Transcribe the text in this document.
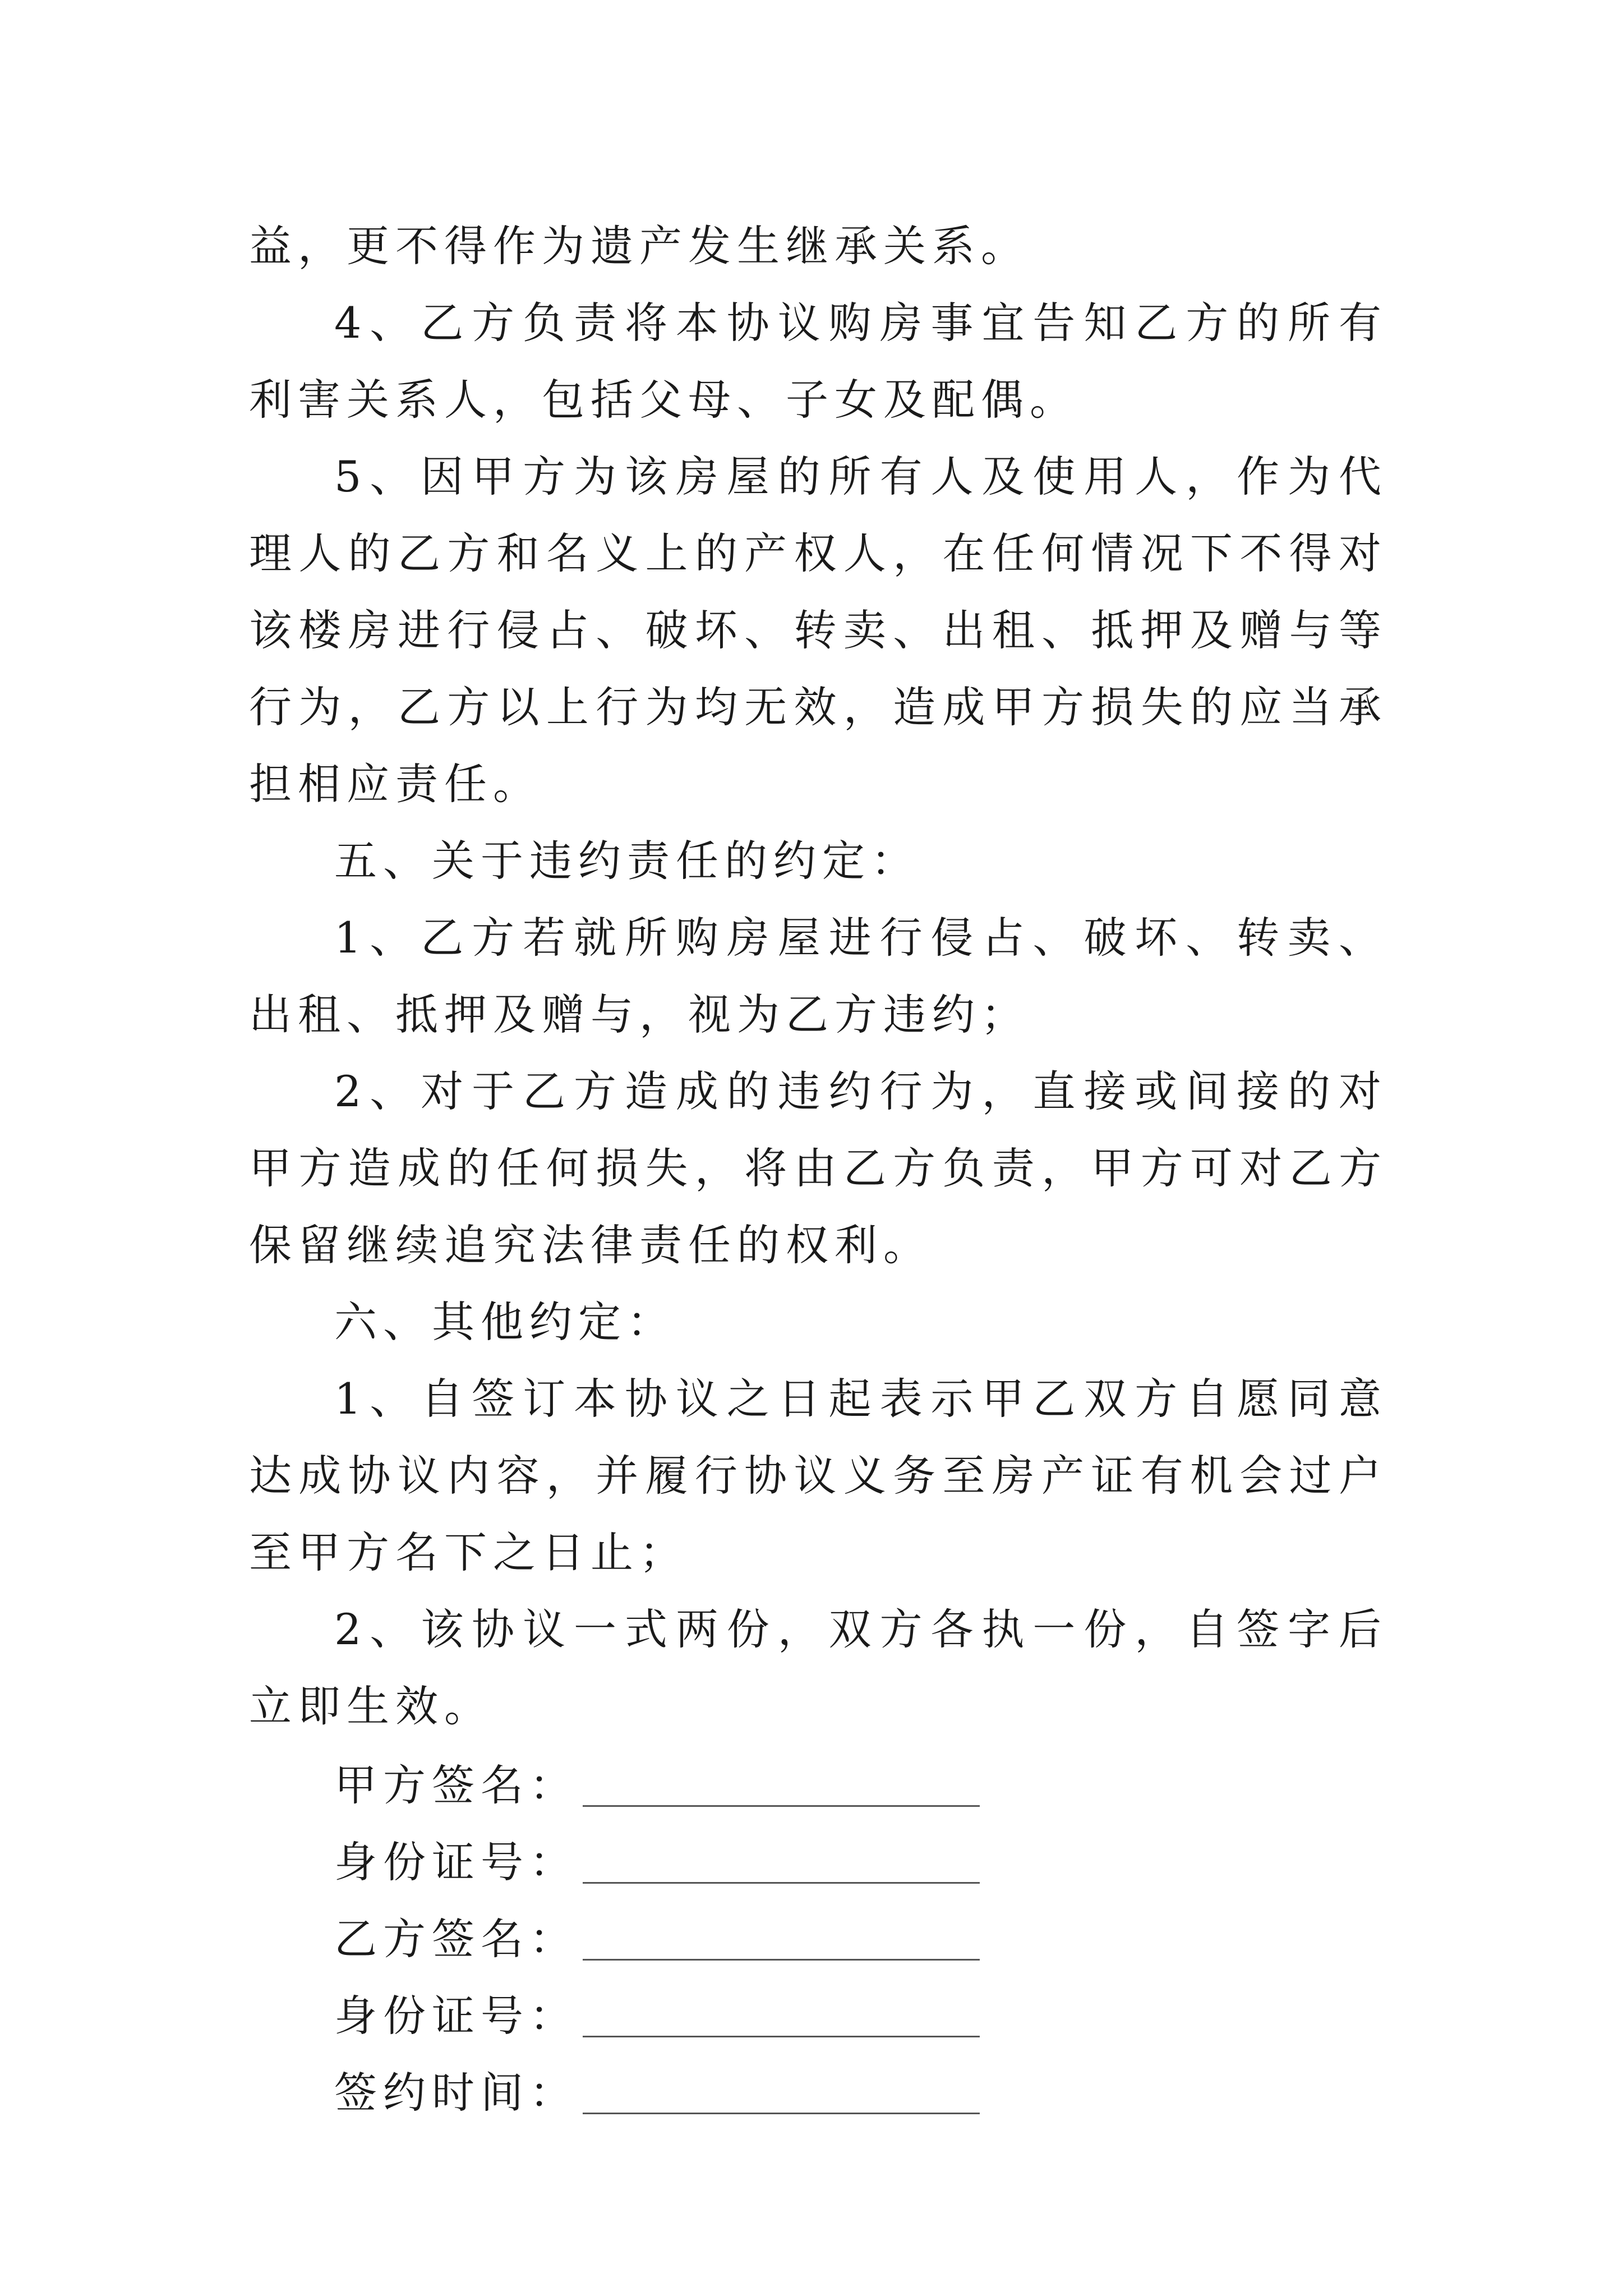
益，更不得作为遗产发生继承关系。

4、乙方负责将本协议购房事宜告知乙方的所有利害关系人，包括父母、子女及配偶。

5、因甲方为该房屋的所有人及使用人，作为代理人的乙方和名义上的产权人，在任何情况下不得对该楼房进行侵占、破坏、转卖、出租、抵押及赠与等行为，乙方以上行为均无效，造成甲方损失的应当承担相应责任。

五、关于违约责任的约定：

1、乙方若就所购房屋进行侵占、破坏、转卖、出租、抵押及赠与，视为乙方违约；

2、对于乙方造成的违约行为，直接或间接的对甲方造成的任何损失，将由乙方负责，甲方可对乙方保留继续追究法律责任的权利。

六、其他约定：

1、自签订本协议之日起表示甲乙双方自愿同意达成协议内容，并履行协议义务至房产证有机会过户至甲方名下之日止；

2、该协议一式两份，双方各执一份，自签字后立即生效。

甲方签名：
身份证号：
乙方签名：
身份证号：
签约时间：
